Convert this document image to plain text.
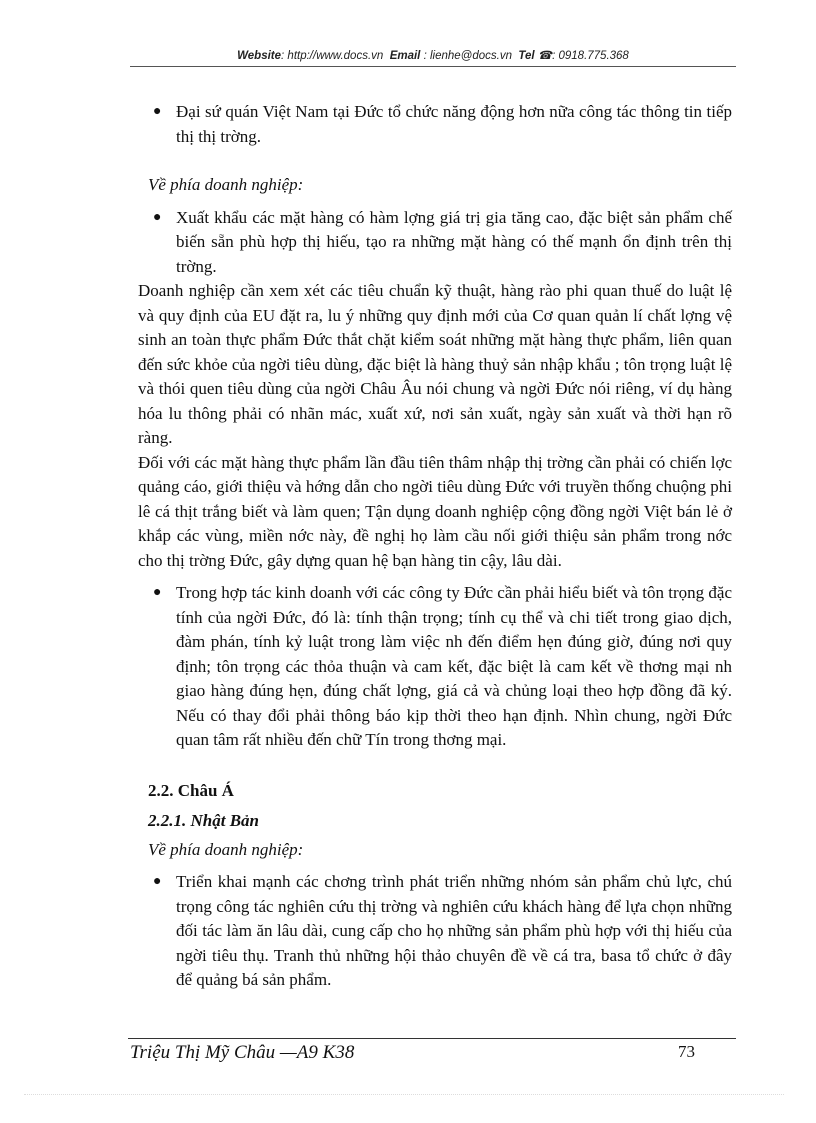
Website: http://www.docs.vn Email : lienhe@docs.vn Tel ☎: 0918.775.368

● Đại sứ quán Việt Nam tại Đức tổ chức năng động hơn nữa công tác thông tin tiếp thị thị trờng.

Về phía doanh nghiệp:

● Xuất khẩu các mặt hàng có hàm lợng giá trị gia tăng cao, đặc biệt sản phẩm chế biến sẵn phù hợp thị hiếu, tạo ra những mặt hàng có thế mạnh ổn định trên thị trờng.

Doanh nghiệp cần xem xét các tiêu chuẩn kỹ thuật, hàng rào phi quan thuế do luật lệ và quy định của EU đặt ra, lu ý những quy định mới của Cơ quan quản lí chất lợng vệ sinh an toàn thực phẩm Đức thắt chặt kiểm soát những mặt hàng thực phẩm, liên quan đến sức khỏe của ngời tiêu dùng, đặc biệt là hàng thuỷ sản nhập khẩu ; tôn trọng luật lệ và thói quen tiêu dùng của ngời Châu Âu nói chung và ngời Đức nói riêng, ví dụ hàng hóa lu thông phải có nhãn mác, xuất xứ, nơi sản xuất, ngày sản xuất và thời hạn rõ ràng.

Đối với các mặt hàng thực phẩm lần đầu tiên thâm nhập thị trờng cần phải có chiến lợc quảng cáo, giới thiệu và hớng dẫn cho ngời tiêu dùng Đức với truyền thống chuộng phi lê cá thịt trắng biết và làm quen; Tận dụng doanh nghiệp cộng đồng ngời Việt bán lẻ ở khắp các vùng, miền nớc này, đề nghị họ làm cầu nối giới thiệu sản phẩm trong nớc cho thị trờng Đức, gây dựng quan hệ bạn hàng tin cậy, lâu dài.

● Trong hợp tác kinh doanh với các công ty Đức cần phải hiểu biết và tôn trọng đặc tính của ngời Đức, đó là: tính thận trọng; tính cụ thể và chi tiết trong giao dịch, đàm phán, tính kỷ luật trong làm việc nh đến điểm hẹn đúng giờ, đúng nơi quy định; tôn trọng các thỏa thuận và cam kết, đặc biệt là cam kết về thơng mại nh giao hàng đúng hẹn, đúng chất lợng, giá cả và chủng loại theo hợp đồng đã ký. Nếu có thay đổi phải thông báo kịp thời theo hạn định. Nhìn chung, ngời Đức quan tâm rất nhiều đến chữ Tín trong thơng mại.

2.2. Châu Á

2.2.1. Nhật Bản

Về phía doanh nghiệp:

● Triển khai mạnh các chơng trình phát triển những nhóm sản phẩm chủ lực, chú trọng công tác nghiên cứu thị trờng và nghiên cứu khách hàng để lựa chọn những đối tác làm ăn lâu dài, cung cấp cho họ những sản phẩm phù hợp với thị hiếu của ngời tiêu thụ. Tranh thủ những hội thảo chuyên đề về cá tra, basa tổ chức ở đây để quảng bá sản phẩm.

Triệu Thị Mỹ Châu —A9 K38	73
